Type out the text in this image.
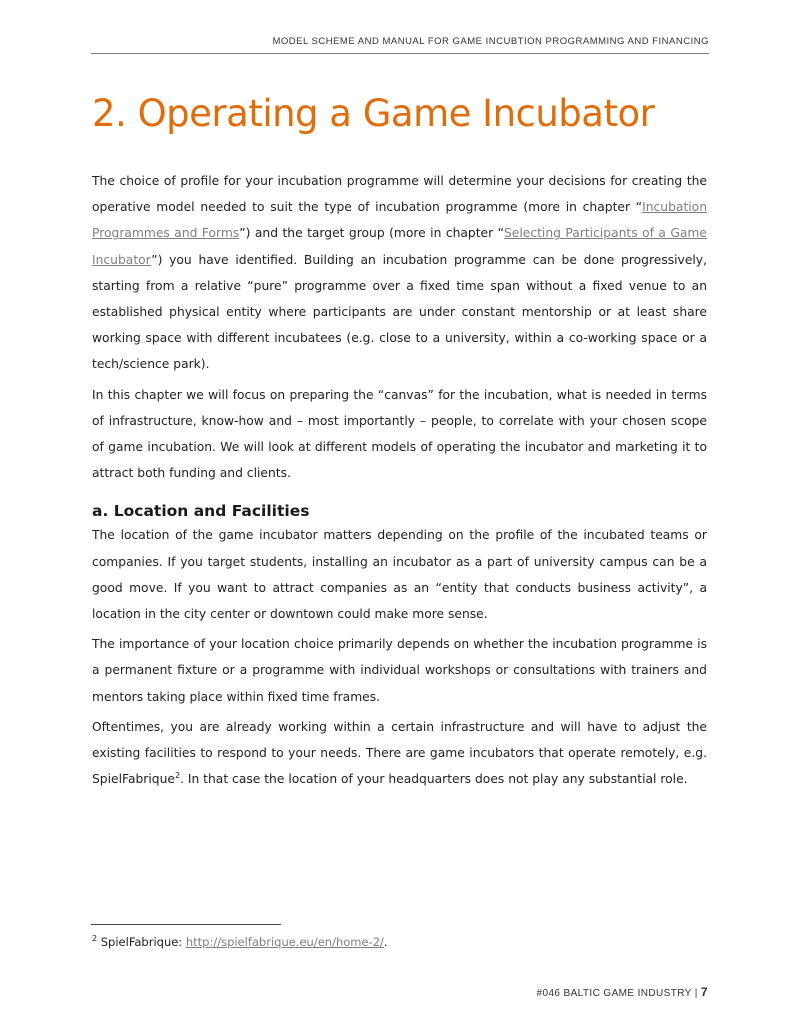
MODEL SCHEME AND MANUAL FOR GAME INCUBTION PROGRAMMING AND FINANCING
2. Operating a Game Incubator

The choice of profile for your incubation programme will determine your decisions for creating the operative model needed to suit the type of incubation programme (more in chapter “Incubation Programmes and Forms”) and the target group (more in chapter “Selecting Participants of a Game Incubator”) you have identified. Building an incubation programme can be done progressively, starting from a relative “pure” programme over a fixed time span without a fixed venue to an established physical entity where participants are under constant mentorship or at least share working space with different incubatees (e.g. close to a university, within a co-working space or a tech/science park).

In this chapter we will focus on preparing the “canvas” for the incubation, what is needed in terms of infrastructure, know-how and – most importantly – people, to correlate with your chosen scope of game incubation. We will look at different models of operating the incubator and marketing it to attract both funding and clients.

a. Location and Facilities

The location of the game incubator matters depending on the profile of the incubated teams or companies. If you target students, installing an incubator as a part of university campus can be a good move. If you want to attract companies as an “entity that conducts business activity”, a location in the city center or downtown could make more sense.

The importance of your location choice primarily depends on whether the incubation programme is a permanent fixture or a programme with individual workshops or consultations with trainers and mentors taking place within fixed time frames.

Oftentimes, you are already working within a certain infrastructure and will have to adjust the existing facilities to respond to your needs. There are game incubators that operate remotely, e.g. SpielFabrique$^2$. In that case the location of your headquarters does not play any substantial role.

$^2$ SpielFabrique: http://spielfabrique.eu/en/home-2/.
#046 BALTIC GAME INDUSTRY | 7
